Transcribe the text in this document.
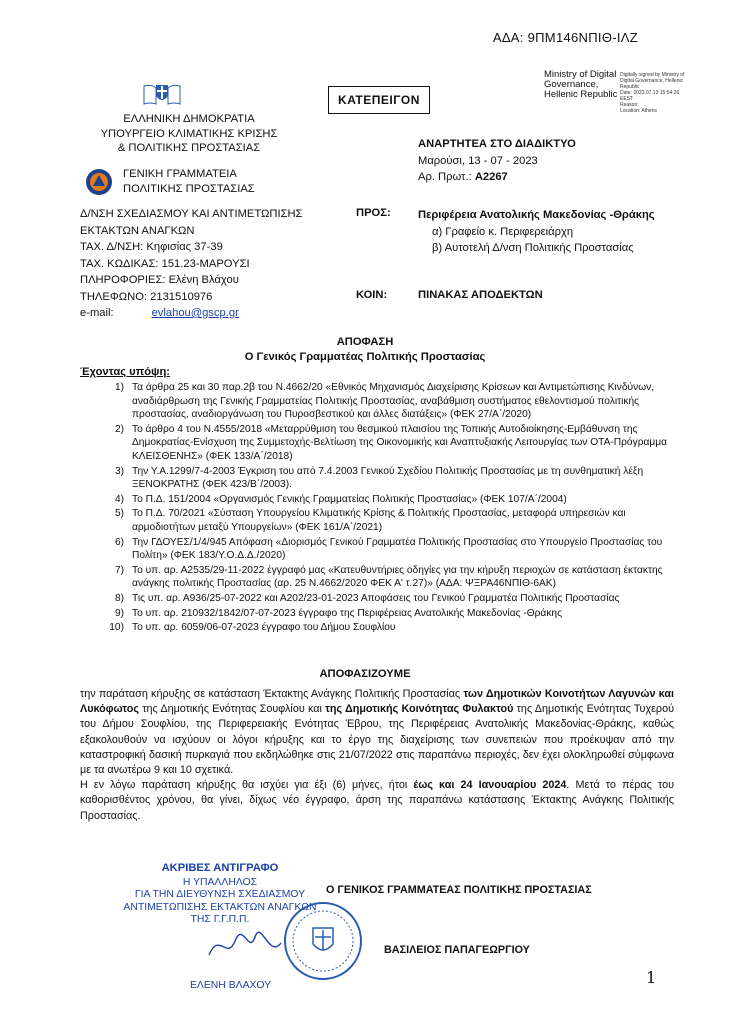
ΑΔΑ: 9ΠΜ146ΝΠΙΘ-ΙΛΖ
Ministry of Digital
Governance,
Hellenic Republic
Digitally signed by Ministry of
Digital Governance, Hellenic
Republic
Date: 2023.07.13 15:54:26
EEST
Reason:
Location: Athens
ΚΑΤΕΠΕΙΓΟΝ
ΕΛΛΗΝΙΚΗ ΔΗΜΟΚΡΑΤΙΑ
ΥΠΟΥΡΓΕΙΟ ΚΛΙΜΑΤΙΚΗΣ ΚΡΙΣΗΣ
& ΠΟΛΙΤΙΚΗΣ ΠΡΟΣΤΑΣΙΑΣ
ΓΕΝΙΚΗ ΓΡΑΜΜΑΤΕΙΑ
ΠΟΛΙΤΙΚΗΣ ΠΡΟΣΤΑΣΙΑΣ
Δ/ΝΣΗ ΣΧΕΔΙΑΣΜΟΥ ΚΑΙ ΑΝΤΙΜΕΤΩΠΙΣΗΣ
ΕΚΤΑΚΤΩΝ ΑΝΑΓΚΩΝ
ΤΑΧ. Δ/ΝΣΗ: Κηφισίας 37-39
ΤΑΧ. ΚΩΔΙΚΑΣ: 151.23-ΜΑΡΟΥΣΙ
ΠΛΗΡΟΦΟΡΙΕΣ: Ελένη Βλάχου
ΤΗΛΕΦΩΝΟ: 2131510976
e-mail:	evlahou@gscp.gr
ΑΝΑΡΤΗΤΕΑ ΣΤΟ ΔΙΑΔΙΚΤΥΟ
Μαρούσι, 13 - 07 - 2023
Αρ. Πρωτ.: Α2267
ΠΡΟΣ: Περιφέρεια Ανατολικής Μακεδονίας -Θράκης
α) Γραφείο κ. Περιφερειάρχη
β) Αυτοτελή Δ/νση Πολιτικής Προστασίας
ΚΟΙΝ:	ΠΙΝΑΚΑΣ ΑΠΟΔΕΚΤΩΝ
ΑΠΟΦΑΣΗ
Ο Γενικός Γραμματέας Πολιτικής Προστασίας
Έχοντας υπόψη:
1) Τα άρθρα 25 και 30 παρ.2β του Ν.4662/20 «Εθνικός Μηχανισμός Διαχείρισης Κρίσεων και Αντιμετώπισης Κινδύνων, αναδιάρθρωση της Γενικής Γραμματείας Πολιτικής Προστασίας, αναβάθμιση συστήματος εθελοντισμού πολιτικής προστασίας, αναδιοργάνωση του Πυροσβεστικού και άλλες διατάξεις» (ΦΕΚ 27/Α΄/2020)
2) Το άρθρο 4 του Ν.4555/2018 «Μεταρρύθμιση του θεσμικού πλαισίου της Τοπικής Αυτοδιοίκησης-Εμβάθυνση της Δημοκρατίας-Ενίσχυση της Συμμετοχής-Βελτίωση της Οικονομικής και Αναπτυξιακής Λειτουργίας των ΟΤΑ-Πρόγραμμα ΚΛΕΙΣΘΕΝΗΣ» (ΦΕΚ 133/Α΄/2018)
3) Την Υ.Α.1299/7-4-2003 Έγκριση του από 7.4.2003 Γενικού Σχεδίου Πολιτικής Προστασίας με τη συνθηματική λέξη ΞΕΝΟΚΡΑΤΗΣ (ΦΕΚ 423/Β΄/2003).
4) Το Π.Δ. 151/2004 «Οργανισμός Γενικής Γραμματείας Πολιτικής Προστασίας» (ΦΕΚ 107/Α΄/2004)
5) Το Π.Δ. 70/2021 «Σύσταση Υπουργείου Κλιματικής Κρίσης & Πολιτικής Προστασίας, μεταφορά υπηρεσιών και αρμοδιοτήτων μεταξύ Υπουργείων» (ΦΕΚ 161/Α΄/2021)
6) Την ΓΔΟΥΕΣ/1/4/945 Απόφαση «Διορισμός Γενικού Γραμματέα Πολιτικής Προστασίας στο Υπουργείο Προστασίας του Πολίτη» (ΦΕΚ 183/Υ.Ο.Δ.Δ./2020)
7) Το υπ. αρ. Α2535/29-11-2022 έγγραφό μας «Κατευθυντήριες οδηγίες για την κήρυξη περιοχών σε κατάσταση έκτακτης ανάγκης πολιτικής Προστασίας (αρ. 25 Ν.4662/2020 ΦΕΚ Α' τ.27)» (ΑΔΑ: ΨΞΡΑ46ΝΠΙΘ-6ΑΚ)
8) Τις υπ. αρ. Α936/25-07-2022 και Α202/23-01-2023 Αποφάσεις του Γενικού Γραμματέα Πολιτικής Προστασίας
9) Το υπ. αρ. 210932/1842/07-07-2023 έγγραφο της Περιφέρειας Ανατολικής Μακεδονίας -Θράκης
10) Το υπ. αρ. 6059/06-07-2023 έγγραφο του Δήμου Σουφλίου
ΑΠΟΦΑΣΙΖΟΥΜΕ

την παράταση κήρυξης σε κατάσταση Έκτακτης Ανάγκης Πολιτικής Προστασίας των Δημοτικών Κοινοτήτων Λαγυνών και Λυκόφωτος της Δημοτικής Ενότητας Σουφλίου και της Δημοτικής Κοινότητας Φυλακτού της Δημοτικής Ενότητας Τυχερού του Δήμου Σουφλίου, της Περιφερειακής Ενότητας Έβρου, της Περιφέρειας Ανατολικής Μακεδονίας-Θράκης, καθώς εξακολουθούν να ισχύουν οι λόγοι κήρυξης και το έργο της διαχείρισης των συνεπειών που προέκυψαν από την καταστροφική δασική πυρκαγιά που εκδηλώθηκε στις 21/07/2022 στις παραπάνω περιοχές, δεν έχει ολοκληρωθεί σύμφωνα με τα ανωτέρω 9 και 10 σχετικά.

Η εν λόγω παράταση κήρυξης θα ισχύει για έξι (6) μήνες, ήτοι έως και 24 Ιανουαρίου 2024. Μετά το πέρας του καθορισθέντος χρόνου, θα γίνει, δίχως νέο έγγραφο, άρση της παραπάνω κατάστασης Έκτακτης Ανάγκης Πολιτικής Προστασίας.

ΑΚΡΙΒΕΣ ΑΝΤΙΓΡΑΦΟ
Η ΥΠΑΛΛΗΛΟΣ
ΓΙΑ ΤΗΝ ΔΙΕΥΘΥΝΣΗ ΣΧΕΔΙΑΣΜΟΥ
ΑΝΤΙΜΕΤΩΠΙΣΗΣ ΕΚΤΑΚΤΩΝ ΑΝΑΓΚΩΝ
ΤΗΣ Γ.Γ.Π.Π.
ΕΛΕΝΗ ΒΛΑΧΟΥ
Ο ΓΕΝΙΚΟΣ ΓΡΑΜΜΑΤΕΑΣ ΠΟΛΙΤΙΚΗΣ ΠΡΟΣΤΑΣΙΑΣ
ΒΑΣΙΛΕΙΟΣ ΠΑΠΑΓΕΩΡΓΙΟΥ
1
